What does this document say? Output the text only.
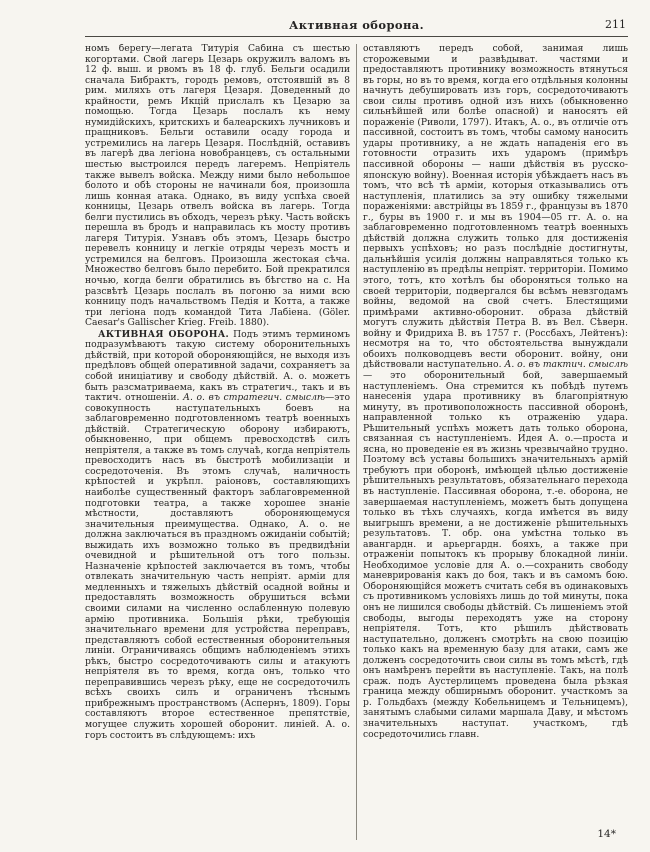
Активная оборона.	211

номъ берегу—легата Титурія Сабина съ шестью когортами. Свой лагерь Цезарь окружилъ валомъ въ 12 ф. выш. и рвомъ въ 18 ф. глуб. Бельги осадили сначала Бибрактъ, городъ ремовъ, отстоявшій въ 8 рим. миляхъ отъ лагеря Цезаря. Доведенный до крайности, ремъ Икцій прислалъ къ Цезарю за помощью. Тогда Цезарь послалъ къ нему нумидійскихъ, критскихъ и балеарскихъ лучниковъ и пращниковъ. Бельги оставили осаду города и устремились на лагерь Цезаря. Послѣдній, оставивъ въ лагерѣ два легіона новобранцевъ, съ остальными шестью выстроился передъ лагеремъ. Непріятель также вывелъ войска. Между ними было небольшое болото и обѣ стороны не начинали боя, произошла лишь конная атака. Однако, въ виду успѣха своей конницы, Цезарь отвелъ войска въ лагерь. Тогда белги пустились въ обходъ, черезъ рѣку. Часть войскъ перешла въ бродъ и направилась къ мосту противъ лагеря Титурія. Узнавъ объ этомъ, Цезарь быстро перевелъ конницу и легкіе отряды черезъ мостъ и устремился на белговъ. Произошла жестокая сѣча. Множество белговъ было перебито. Бой прекратился ночью, когда белги обратились въ бѣгство на с. На разсвѣтѣ Цезарь послалъ въ погоню за ними всю конницу подъ начальствомъ Педія и Котта, а также три легіона подъ командой Тита Лабіена. (Göler. Caesar's Gallischer Krieg. Freib. 1880).

АКТИВНАЯ ОБОРОНА. Подъ этимъ терминомъ подразумѣваютъ такую систему оборонительныхъ дѣйствій, при которой обороняющійся, не выходя изъ предѣловъ общей оперативной задачи, сохраняетъ за собой иниціативу и свободу дѣйствій. А. о. можетъ быть разсматриваема, какъ въ стратегич., такъ и въ тактич. отношеніи. А. о. въ стратегич. смыслѣ—это совокупность наступательныхъ боевъ на заблаговременно подготовленномъ театрѣ военныхъ дѣйствій. Стратегическую оборону избираютъ, обыкновенно, при общемъ превосходствѣ силъ непріятеля, а также въ томъ случаѣ, когда непріятель превосходитъ насъ въ быстротѣ мобилизаціи и сосредоточенія. Въ этомъ случаѣ, наличность крѣпостей и укрѣпл. раіоновъ, составляющихъ наиболѣе существенный факторъ заблаговременной подготовки театра, а также хорошее знаніе мѣстности, доставляютъ обороняющемуся значительныя преимущества. Однако, А. о. не должна заключаться въ праздномъ ожиданіи событій; выжидать ихъ возможно только въ предвидѣніи очевидной и рѣшительной отъ того пользы. Назначеніе крѣпостей заключается въ томъ, чтобы отвлекать значительную часть непріят. арміи для медленныхъ и тяжелыхъ дѣйствій осадной войны и предоставлять возможность обрушиться всѣми своими силами на численно ослабленную полевую армію противника. Большія рѣки, требующія значительнаго времени для устройства переправъ, представляютъ собой естественныя оборонительныя линіи. Ограничиваясь общимъ наблюденіемъ этихъ рѣкъ, быстро сосредоточиваютъ силы и атакуютъ непріятеля въ то время, когда онъ, только что переправившись черезъ рѣку, еще не сосредоточилъ всѣхъ своихъ силъ и ограниченъ тѣснымъ прибрежнымъ пространствомъ (Аспернъ, 1809). Горы составляютъ второе естественное препятствіе, могущее служить хорошей оборонит. линіей. А. о. горъ состоитъ въ слѣдующемъ: ихъ

оставляютъ передъ собой, занимая лишь сторожевыми и развѣдыват. частями и предоставляютъ противнику возможность втянуться въ горы, но въ то время, когда его отдѣльныя колонны начнутъ дебушировать изъ горъ, сосредоточиваютъ свои силы противъ одной изъ нихъ (обыкновенно сильнѣйшей или болѣе опасной) и наносятъ ей пораженіе (Риволи, 1797). Итакъ, А. о., въ отличіе отъ пассивной, состоитъ въ томъ, чтобы самому наносить удары противнику, а не ждать нападенія его въ готовности отразить ихъ ударомъ (примѣръ пассивной обороны — наши дѣйствія въ русско-японскую войну). Военная исторія убѣждаетъ насъ въ томъ, что всѣ тѣ арміи, которыя отказывались отъ наступленія, платились за эту ошибку тяжелыми пораженіями: австрійцы въ 1859 г., французы въ 1870 г., буры въ 1900 г. и мы въ 1904—05 гг. А. о. на заблаговременно подготовленномъ театрѣ военныхъ дѣйствій должна служить только для достиженія первыхъ успѣховъ; но разъ послѣдніе достигнуты, дальнѣйшія усилія должны направляться только къ наступленію въ предѣлы непріят. территоріи. Помимо этого, тотъ, кто хотѣлъ бы обороняться только на своей территоріи, подвергался бы всѣмъ невзгодамъ войны, ведомой на свой счетъ. Блестящими примѣрами активно-оборонит. образа дѣйствій могутъ служить дѣйствія Петра В. въ Вел. Сѣверн. войну и Фридриха В. въ 1757 г. (Россбахъ, Лейтенъ): несмотря на то, что обстоятельства вынуждали обоихъ полководцевъ вести оборонит. войну, они дѣйствовали наступательно. А. о. въ тактич. смыслѣ — это оборонительный бой, завершаемый наступленіемъ. Она стремится къ побѣдѣ путемъ нанесенія удара противнику въ благопріятную минуту, въ противоположность пассивной оборонѣ, направленной только къ отраженію удара. Рѣшительный успѣхъ можетъ дать только оборона, связанная съ наступленіемъ. Идея А. о.—проста и ясна, но проведеніе ея въ жизнь чрезвычайно трудно. Поэтому всѣ уставы большихъ значительныхъ армій требуютъ при оборонѣ, имѣющей цѣлью достиженіе рѣшительныхъ результатовъ, обязательнаго перехода въ наступленіе. Пассивная оборона, т.-е. оборона, не завершаемая наступленіемъ, можетъ быть допущена только въ тѣхъ случаяхъ, когда имѣется въ виду выигрышъ времени, а не достиженіе рѣшительныхъ результатовъ. Т. обр. она умѣстна только въ авангардн. и арьергардн. бояхъ, а также при отраженіи попытокъ къ прорыву блокадной линіи. Необходимое условіе для А. о.—сохранить свободу маневрированія какъ до боя, такъ и въ самомъ бою. Обороняющійся можетъ считать себя въ одинаковыхъ съ противникомъ условіяхъ лишь до той минуты, пока онъ не лишился свободы дѣйствій. Съ лишеніемъ этой свободы, выгоды переходятъ уже на сторону непріятеля. Тотъ, кто рѣшилъ дѣйствовать наступательно, долженъ смотрѣть на свою позицію только какъ на временную базу для атаки, самъ же долженъ сосредоточить свои силы въ томъ мѣстѣ, гдѣ онъ намѣренъ перейти въ наступленіе. Такъ, на полѣ сраж. подъ Аустерлицемъ проведена была рѣзкая граница между обширнымъ оборонит. участкомъ за р. Гольдбахъ (между Кобельницемъ и Тельницемъ), занятымъ слабыми силами маршала Даву, и мѣстомъ значительныхъ наступат. участкомъ, гдѣ сосредоточились главн.

14*
